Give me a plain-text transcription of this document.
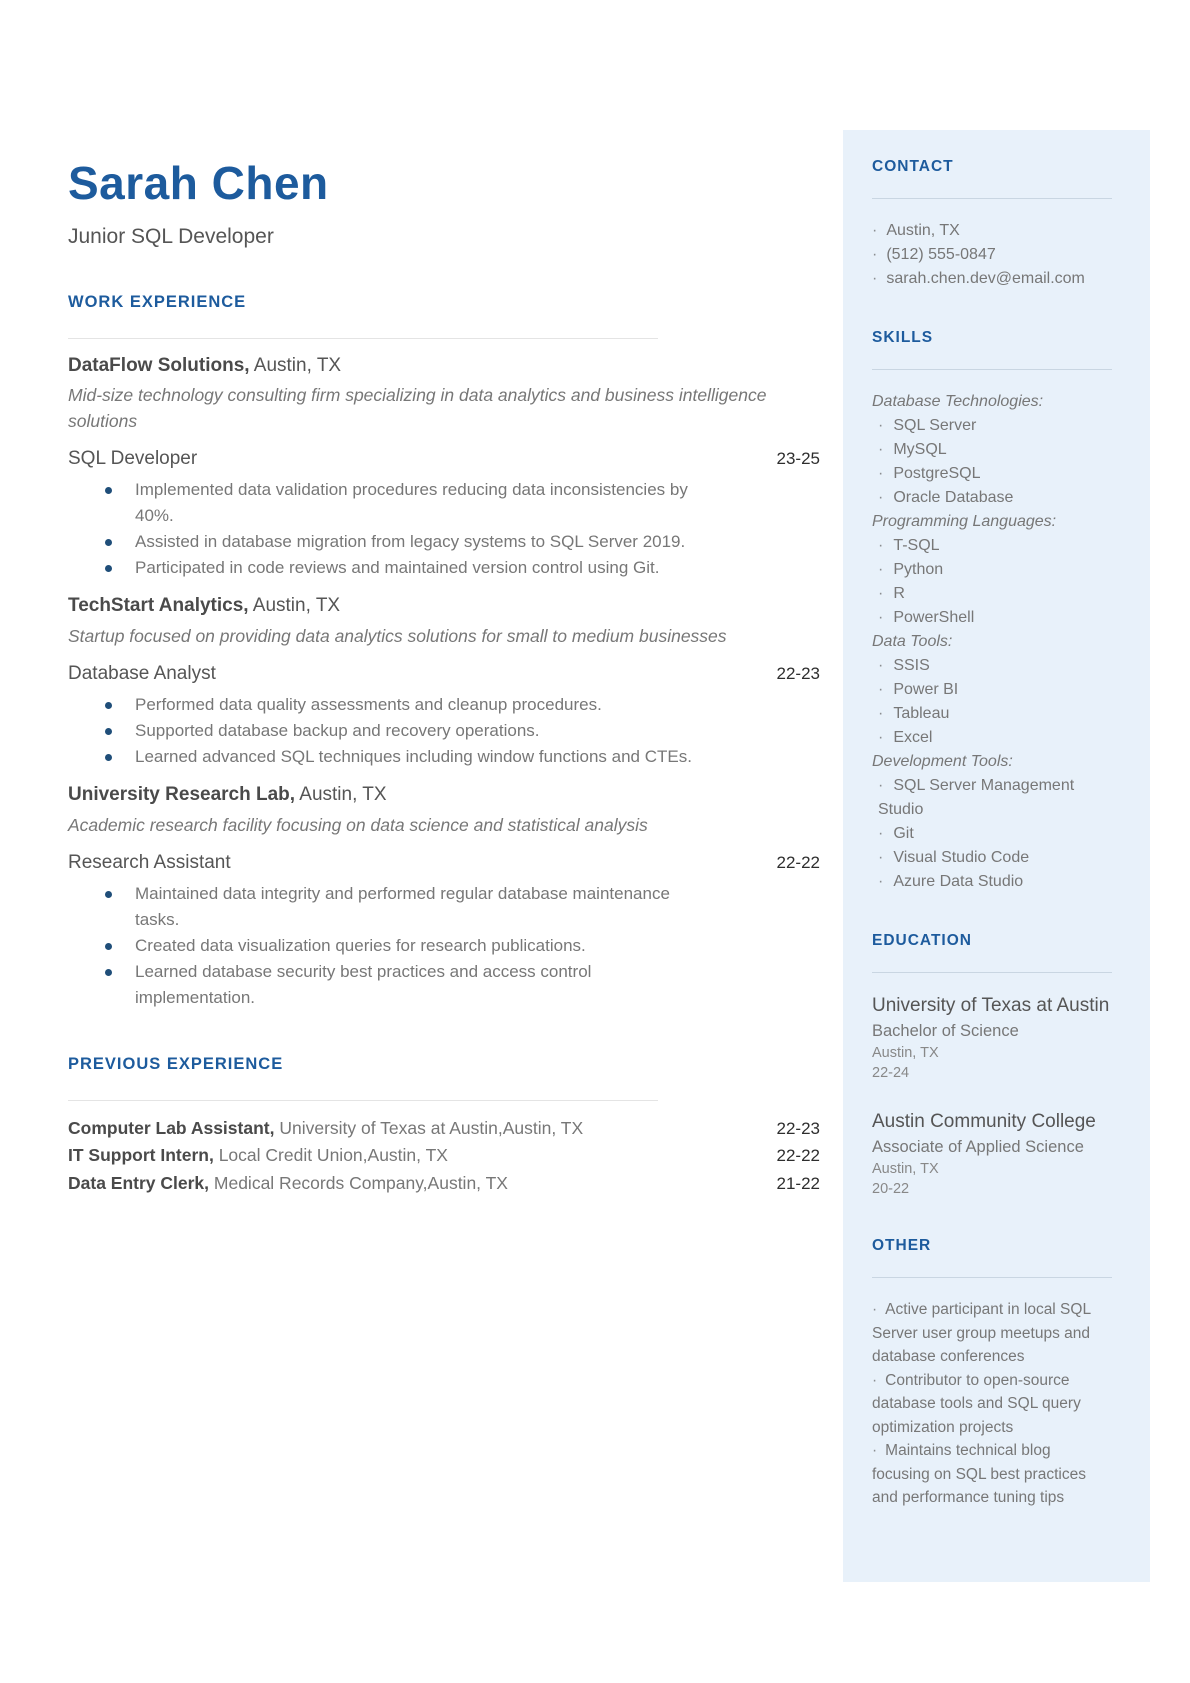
Sarah Chen
Junior SQL Developer
WORK EXPERIENCE
DataFlow Solutions, Austin, TX
Mid-size technology consulting firm specializing in data analytics and business intelligence solutions
SQL Developer	23-25
Implemented data validation procedures reducing data inconsistencies by 40%.
Assisted in database migration from legacy systems to SQL Server 2019.
Participated in code reviews and maintained version control using Git.
TechStart Analytics, Austin, TX
Startup focused on providing data analytics solutions for small to medium businesses
Database Analyst	22-23
Performed data quality assessments and cleanup procedures.
Supported database backup and recovery operations.
Learned advanced SQL techniques including window functions and CTEs.
University Research Lab, Austin, TX
Academic research facility focusing on data science and statistical analysis
Research Assistant	22-22
Maintained data integrity and performed regular database maintenance tasks.
Created data visualization queries for research publications.
Learned database security best practices and access control implementation.
PREVIOUS EXPERIENCE
Computer Lab Assistant, University of Texas at Austin,Austin, TX	22-23
IT Support Intern, Local Credit Union,Austin, TX	22-22
Data Entry Clerk, Medical Records Company,Austin, TX	21-22
CONTACT
· Austin, TX
· (512) 555-0847
· sarah.chen.dev@email.com
SKILLS
Database Technologies:
· SQL Server
· MySQL
· PostgreSQL
· Oracle Database
Programming Languages:
· T-SQL
· Python
· R
· PowerShell
Data Tools:
· SSIS
· Power BI
· Tableau
· Excel
Development Tools:
· SQL Server Management Studio
· Git
· Visual Studio Code
· Azure Data Studio
EDUCATION
University of Texas at Austin
Bachelor of Science
Austin, TX
22-24
Austin Community College
Associate of Applied Science
Austin, TX
20-22
OTHER
· Active participant in local SQL Server user group meetups and database conferences
· Contributor to open-source database tools and SQL query optimization projects
· Maintains technical blog focusing on SQL best practices and performance tuning tips
